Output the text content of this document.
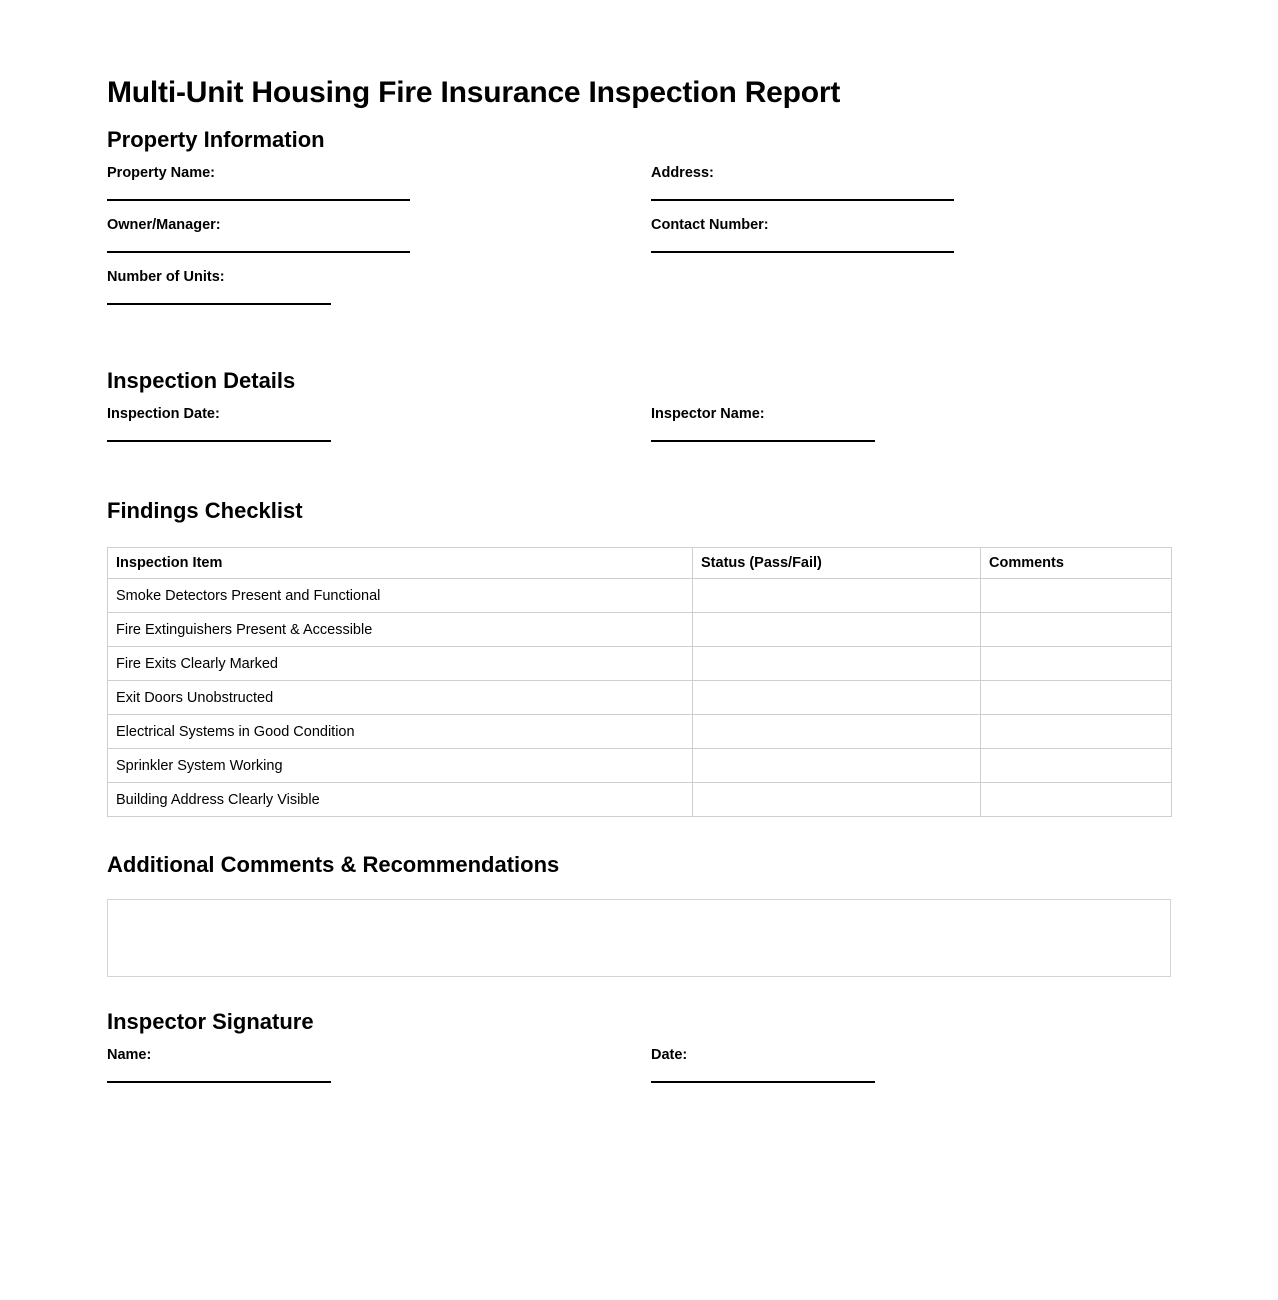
Multi-Unit Housing Fire Insurance Inspection Report
Property Information
Property Name:	Address:
Owner/Manager:	Contact Number:
Number of Units:
Inspection Details
Inspection Date:	Inspector Name:
Findings Checklist
Inspection Item	Status (Pass/Fail)	Comments
Smoke Detectors Present and Functional		
Fire Extinguishers Present & Accessible		
Fire Exits Clearly Marked		
Exit Doors Unobstructed		
Electrical Systems in Good Condition		
Sprinkler System Working		
Building Address Clearly Visible		
Additional Comments & Recommendations
Inspector Signature
Name:	Date:
